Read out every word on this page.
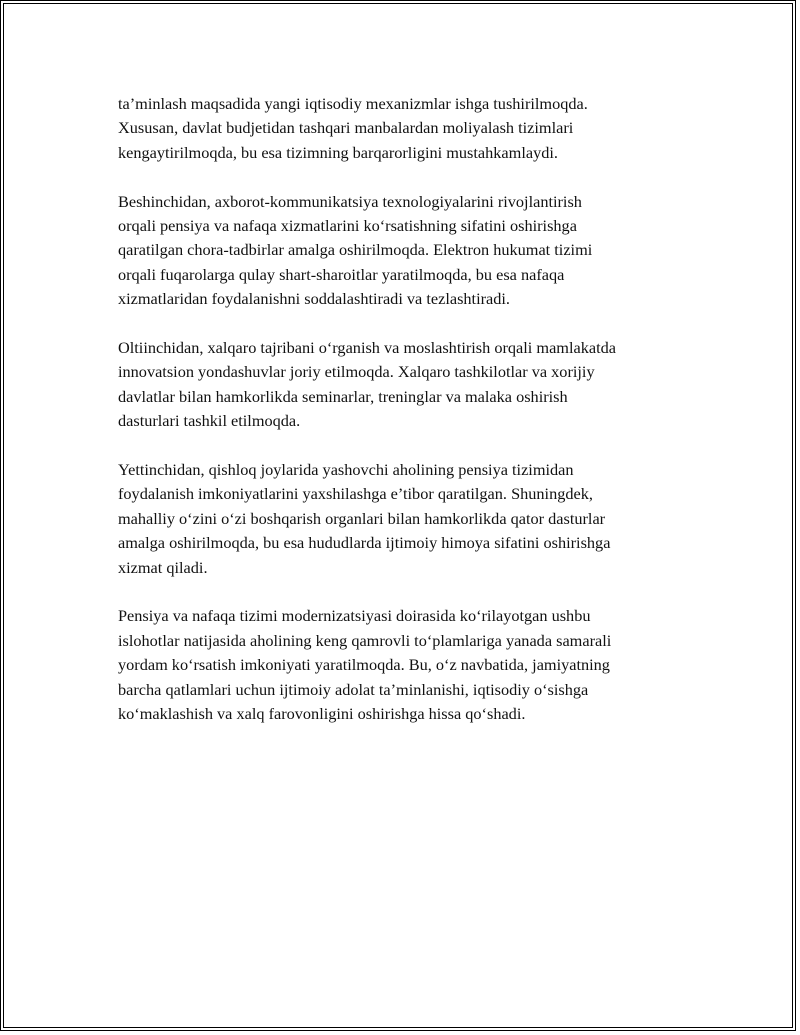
ta’minlash maqsadida yangi iqtisodiy mexanizmlar ishga tushirilmoqda.
Xususan, davlat budjetidan tashqari manbalardan moliyalash tizimlari
kengaytirilmoqda, bu esa tizimning barqarorligini mustahkamlaydi.

Beshinchidan, axborot-kommunikatsiya texnologiyalarini rivojlantirish
orqali pensiya va nafaqa xizmatlarini ko‘rsatishning sifatini oshirishga
qaratilgan chora-tadbirlar amalga oshirilmoqda. Elektron hukumat tizimi
orqali fuqarolarga qulay shart-sharoitlar yaratilmoqda, bu esa nafaqa
xizmatlaridan foydalanishni soddalashtiradi va tezlashtiradi.

Oltiinchidan, xalqaro tajribani o‘rganish va moslashtirish orqali mamlakatda
innovatsion yondashuvlar joriy etilmoqda. Xalqaro tashkilotlar va xorijiy
davlatlar bilan hamkorlikda seminarlar, treninglar va malaka oshirish
dasturlari tashkil etilmoqda.

Yettinchidan, qishloq joylarida yashovchi aholining pensiya tizimidan
foydalanish imkoniyatlarini yaxshilashga e’tibor qaratilgan. Shuningdek,
mahalliy o‘zini o‘zi boshqarish organlari bilan hamkorlikda qator dasturlar
amalga oshirilmoqda, bu esa hududlarda ijtimoiy himoya sifatini oshirishga
xizmat qiladi.

Pensiya va nafaqa tizimi modernizatsiyasi doirasida ko‘rilayotgan ushbu
islohotlar natijasida aholining keng qamrovli to‘plamlariga yanada samarali
yordam ko‘rsatish imkoniyati yaratilmoqda. Bu, o‘z navbatida, jamiyatning
barcha qatlamlari uchun ijtimoiy adolat ta’minlanishi, iqtisodiy o‘sishga
ko‘maklashish va xalq farovonligini oshirishga hissa qo‘shadi.
